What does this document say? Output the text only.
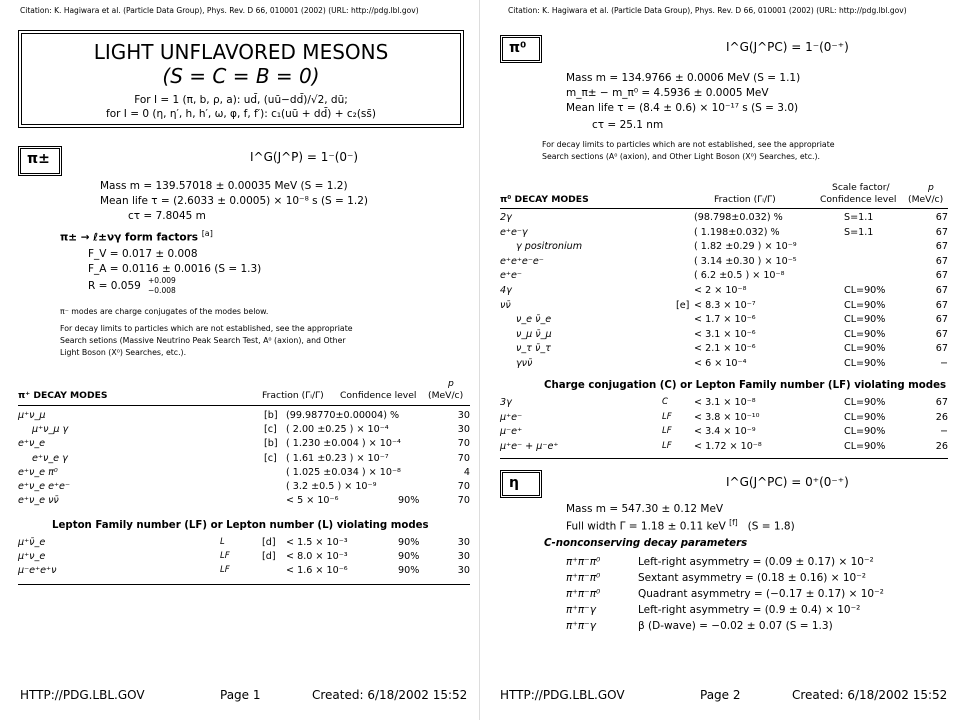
Citation: K. Hagiwara et al. (Particle Data Group), Phys. Rev. D 66, 010001 (2002) (URL: http://pdg.lbl.gov)
LIGHT UNFLAVORED MESONS
(S = C = B = 0)
For I = 1 (π, b, ρ, a): ud̄, (uū−dd̄)/√2, dū;
for I = 0 (η, η′, h, h′, ω, φ, f, f′): c₁(uū + dd̄) + c₂(ss̄)
π±	I^G(J^P) = 1⁻(0⁻)
Mass m = 139.57018 ± 0.00035 MeV (S = 1.2)
Mean life τ = (2.6033 ± 0.0005) × 10⁻⁸ s (S = 1.2)
cτ = 7.8045 m
π± → ℓ±νγ form factors [a]
F_V = 0.017 ± 0.008
F_A = 0.0116 ± 0.0016 (S = 1.3)
R = 0.059 +0.009
−0.008
π⁻ modes are charge conjugates of the modes below.
For decay limits to particles which are not established, see the appropriate
Search setions (Massive Neutrino Peak Search Test, A⁰ (axion), and Other
Light Boson (X⁰) Searches, etc.).
π⁺ DECAY MODES	Fraction (Γᵢ/Γ) Confidence level
p
(MeV/c)
μ⁺ν_μ	[b] (99.98770±0.00004) %	30
μ⁺ν_μ γ	[c] ( 2.00 ±0.25 ) × 10⁻⁴	30
e⁺ν_e	[b] ( 1.230 ±0.004 ) × 10⁻⁴	70
e⁺ν_e γ	[c] ( 1.61 ±0.23 ) × 10⁻⁷	70
e⁺ν_e π⁰	( 1.025 ±0.034 ) × 10⁻⁸	4
e⁺ν_e e⁺e⁻	( 3.2 ±0.5 ) × 10⁻⁹	70
e⁺ν_e νν̄	< 5 × 10⁻⁶	90%	70
Lepton Family number (LF) or Lepton number (L) violating modes
μ⁺ν̄_e	L	[d] < 1.5 × 10⁻³	90%	30
μ⁺ν_e	LF	[d] < 8.0 × 10⁻³	90%	30
μ⁻e⁺e⁺ν	LF	< 1.6 × 10⁻⁶	90%	30
HTTP://PDG.LBL.GOV	Page 1	Created: 6/18/2002 15:52
Citation: K. Hagiwara et al. (Particle Data Group), Phys. Rev. D 66, 010001 (2002) (URL: http://pdg.lbl.gov)
π⁰	I^G(J^PC) = 1⁻(0⁻⁺)
Mass m = 134.9766 ± 0.0006 MeV (S = 1.1)
m_π± − m_π⁰ = 4.5936 ± 0.0005 MeV
Mean life τ = (8.4 ± 0.6) × 10⁻¹⁷ s (S = 3.0)
cτ = 25.1 nm
For decay limits to particles which are not established, see the appropriate
Search sections (A⁰ (axion), and Other Light Boson (X⁰) Searches, etc.).
Scale factor/	p
π⁰ DECAY MODES	Fraction (Γᵢ/Γ)	Confidence level (MeV/c)
2γ	(98.798±0.032) %	S=1.1	67
e⁺e⁻γ	( 1.198±0.032) %	S=1.1	67
γ positronium	( 1.82 ±0.29 ) × 10⁻⁹	67
e⁺e⁺e⁻e⁻	( 3.14 ±0.30 ) × 10⁻⁵	67
e⁺e⁻	( 6.2 ±0.5 ) × 10⁻⁸	67
4γ	< 2 × 10⁻⁸	CL=90%	67
νν̄	[e] < 8.3 × 10⁻⁷	CL=90%	67
ν_e ν̄_e	< 1.7 × 10⁻⁶	CL=90%	67
ν_μ ν̄_μ	< 3.1 × 10⁻⁶	CL=90%	67
ν_τ ν̄_τ	< 2.1 × 10⁻⁶	CL=90%	67
γνν̄	< 6 × 10⁻⁴	CL=90%	−
Charge conjugation (C) or Lepton Family number (LF) violating modes
3γ	C	< 3.1 × 10⁻⁸	CL=90%	67
μ⁺e⁻	LF < 3.8 × 10⁻¹⁰	CL=90%	26
μ⁻e⁺	LF < 3.4 × 10⁻⁹	CL=90%	−
μ⁺e⁻ + μ⁻e⁺	LF < 1.72 × 10⁻⁸	CL=90%	26
η	I^G(J^PC) = 0⁺(0⁻⁺)
Mass m = 547.30 ± 0.12 MeV
Full width Γ = 1.18 ± 0.11 keV [f] (S = 1.8)
C-nonconserving decay parameters
π⁺π⁻π⁰	Left-right asymmetry = (0.09 ± 0.17) × 10⁻²
π⁺π⁻π⁰	Sextant asymmetry = (0.18 ± 0.16) × 10⁻²
π⁺π⁻π⁰	Quadrant asymmetry = (−0.17 ± 0.17) × 10⁻²
π⁺π⁻γ	Left-right asymmetry = (0.9 ± 0.4) × 10⁻²
π⁺π⁻γ	β (D-wave) = −0.02 ± 0.07 (S = 1.3)
HTTP://PDG.LBL.GOV	Page 2	Created: 6/18/2002 15:52
